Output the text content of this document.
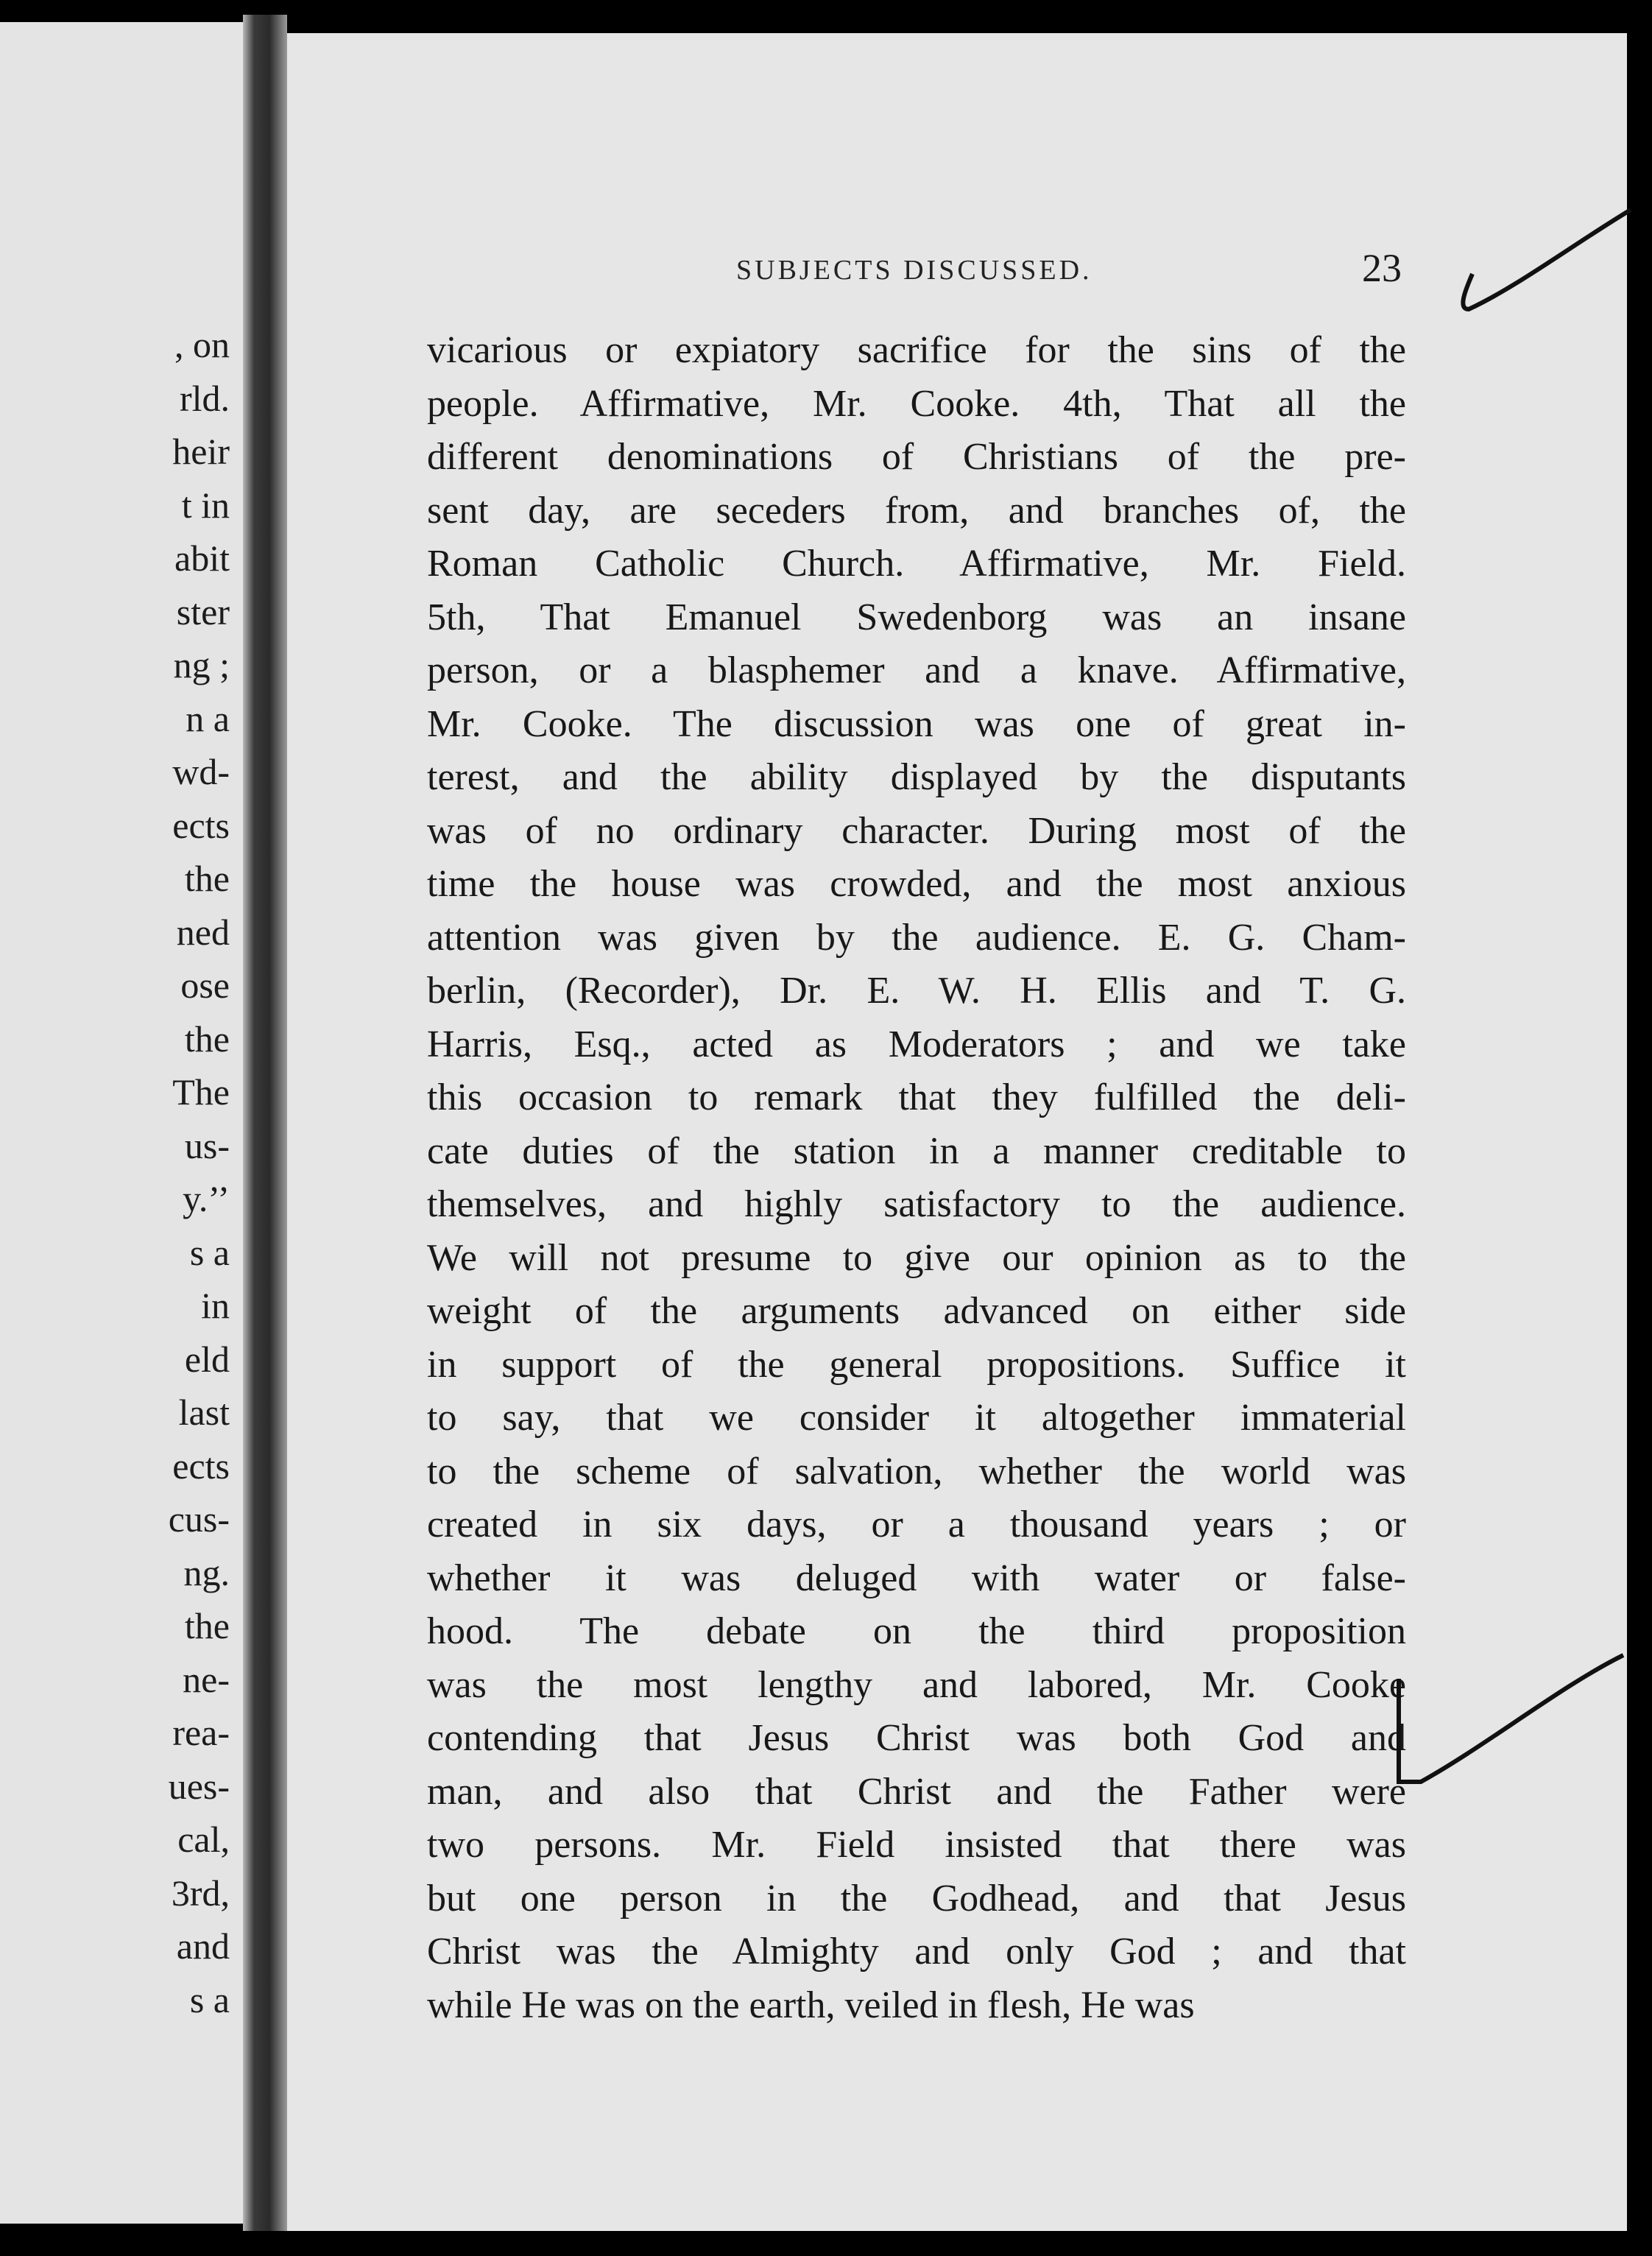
, on
rld.
heir
t in
abit
ster
ng ;
n a
wd-
ects
the
ned
ose
the
The
us-
y.’’
s a
in
eld
last
ects
cus-
ng.
the
ne-
rea-
ues-
cal,
3rd,
and
s a
SUBJECTS DISCUSSED.	23
vicarious or expiatory sacrifice for the sins of the
people. Affirmative, Mr. Cooke. 4th, That all the
different denominations of Christians of the pre-
sent day, are seceders from, and branches of, the
Roman Catholic Church. Affirmative, Mr. Field.
5th, That Emanuel Swedenborg was an insane
person, or a blasphemer and a knave. Affirmative,
Mr. Cooke. The discussion was one of great in-
terest, and the ability displayed by the disputants
was of no ordinary character. During most of the
time the house was crowded, and the most anxious
attention was given by the audience. E. G. Cham-
berlin, (Recorder), Dr. E. W. H. Ellis and T. G.
Harris, Esq., acted as Moderators ; and we take
this occasion to remark that they fulfilled the deli-
cate duties of the station in a manner creditable to
themselves, and highly satisfactory to the audience.
We will not presume to give our opinion as to the
weight of the arguments advanced on either side
in support of the general propositions. Suffice it
to say, that we consider it altogether immaterial
to the scheme of salvation, whether the world was
created in six days, or a thousand years ; or
whether it was deluged with water or false-
hood. The debate on the third proposition
was the most lengthy and labored, Mr. Cooke
contending that Jesus Christ was both God and
man, and also that Christ and the Father were
two persons. Mr. Field insisted that there was
but one person in the Godhead, and that Jesus
Christ was the Almighty and only God ; and that
while He was on the earth, veiled in flesh, He was
